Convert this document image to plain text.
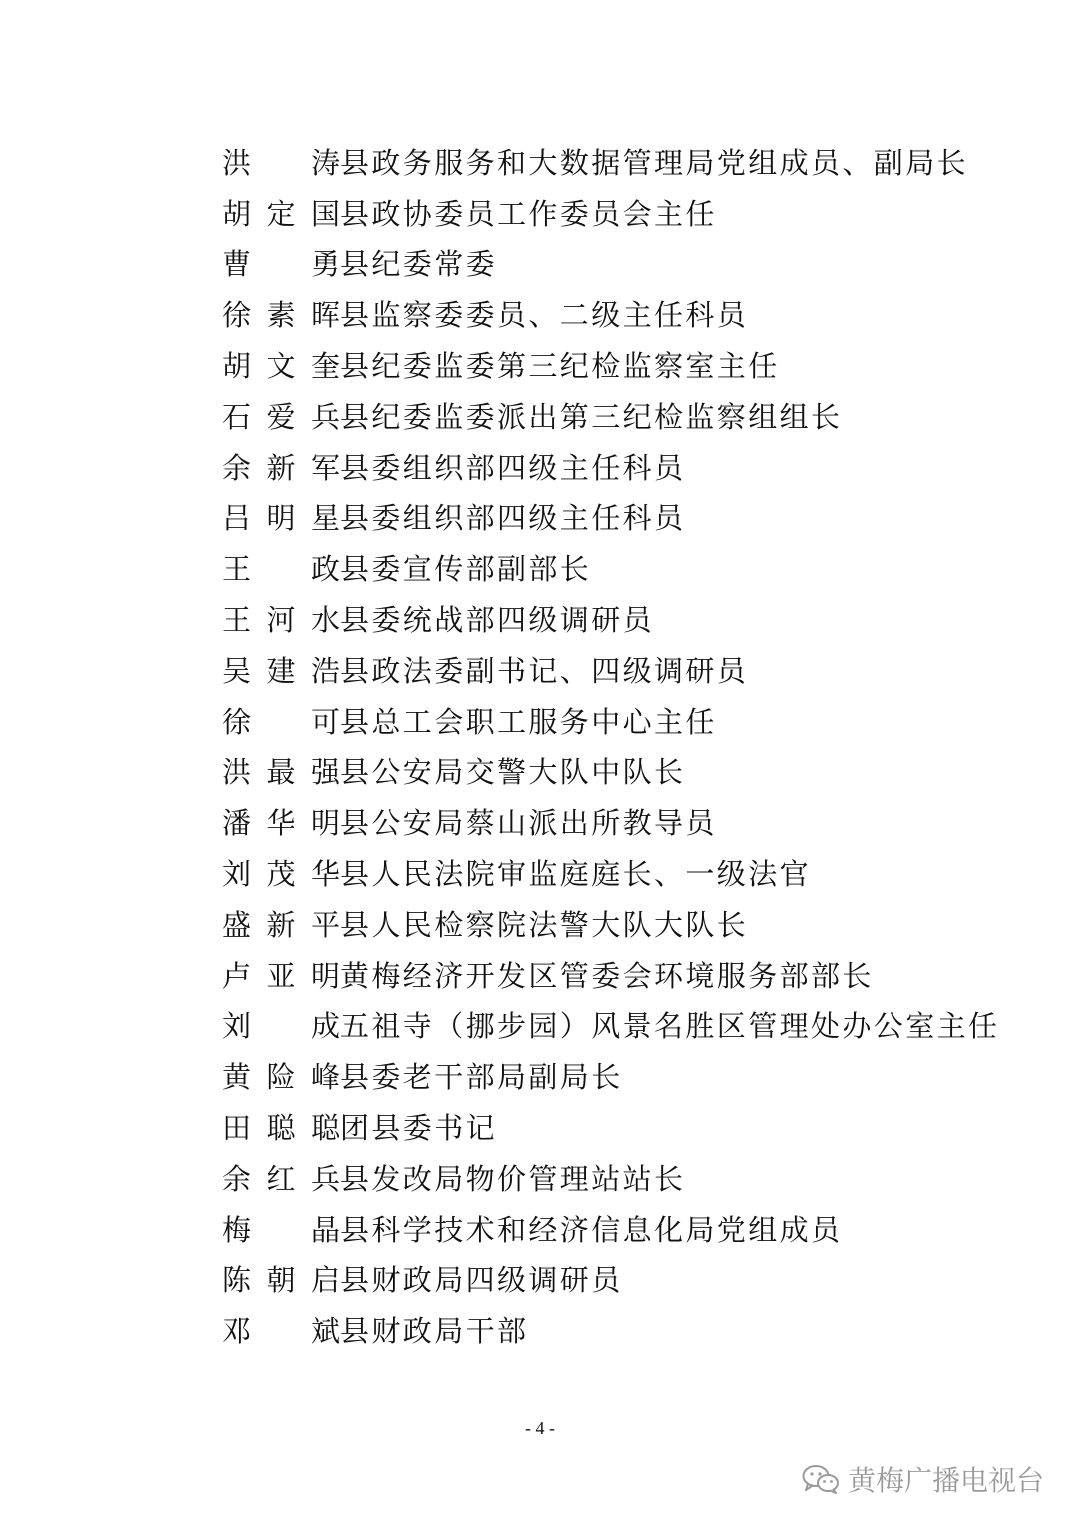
洪 涛 县政务服务和大数据管理局党组成员、副局长
胡 定 国 县政协委员工作委员会主任
曹 勇 县纪委常委
徐 素 晖 县监察委委员、二级主任科员
胡 文 奎 县纪委监委第三纪检监察室主任
石 爱 兵 县纪委监委派出第三纪检监察组组长
余 新 军 县委组织部四级主任科员
吕 明 星 县委组织部四级主任科员
王 政 县委宣传部副部长
王 河 水 县委统战部四级调研员
吴 建 浩 县政法委副书记、四级调研员
徐 可 县总工会职工服务中心主任
洪 最 强 县公安局交警大队中队长
潘 华 明 县公安局蔡山派出所教导员
刘 茂 华 县人民法院审监庭庭长、一级法官
盛 新 平 县人民检察院法警大队大队长
卢 亚 明 黄梅经济开发区管委会环境服务部部长
刘 成 五祖寺（挪步园）风景名胜区管理处办公室主任
黄 险 峰 县委老干部局副局长
田 聪 聪 团县委书记
余 红 兵 县发改局物价管理站站长
梅 晶 县科学技术和经济信息化局党组成员
陈 朝 启 县财政局四级调研员
邓 斌 县财政局干部
- 4 -
黄梅广播电视台
